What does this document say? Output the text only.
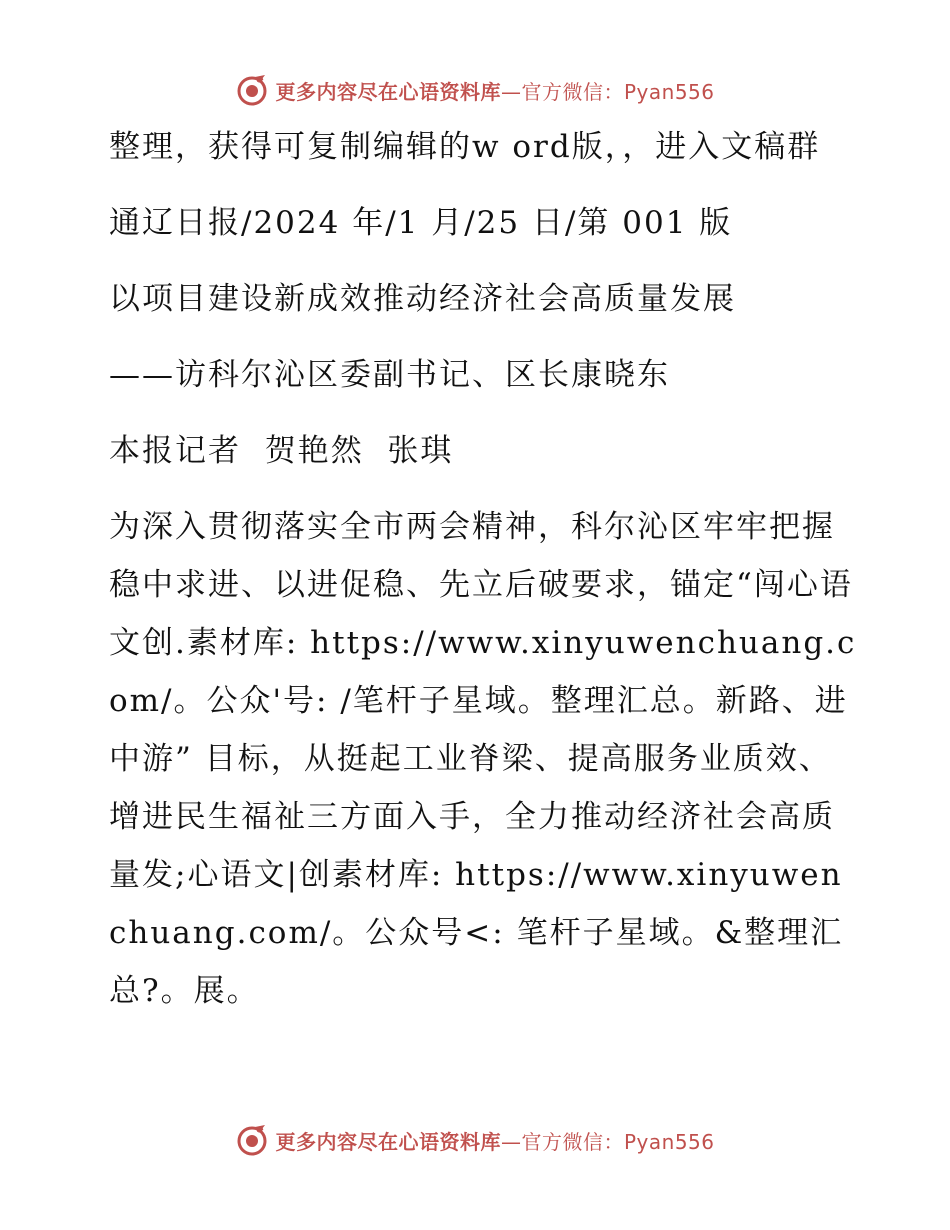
更多内容尽在心语资料库—官方微信：Pyan556

整理，获得可复制编辑的w ord版，，进入文稿群

通辽日报/2024 年/1 月/25 日/第 001 版

以项目建设新成效推动经济社会高质量发展

——访科尔沁区委副书记、区长康晓东

本报记者  贺艳然  张琪

为深入贯彻落实全市两会精神，科尔沁区牢牢把握稳中求进、以进促稳、先立后破要求，锚定“闯心语文创.素材库: https://www.xinyuwenchuang.com/。公众'号: /笔杆子星域。整理汇总。新路、进中游” 目标，从挺起工业脊梁、提高服务业质效、增进民生福祉三方面入手，全力推动经济社会高质量发;心语文|创素材库: https://www.xinyuwenchuang.com/。公众号<: 笔杆子星域。&整理汇总?。展。

更多内容尽在心语资料库—官方微信：Pyan556
